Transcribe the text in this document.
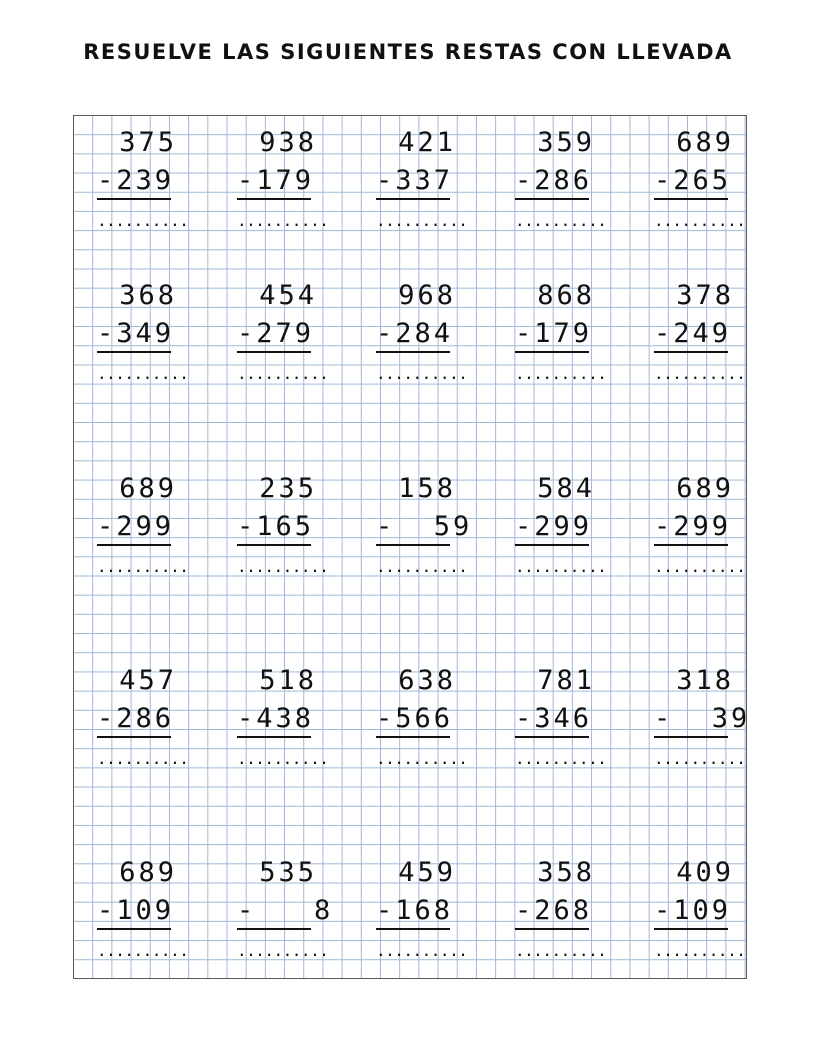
RESUELVE LAS SIGUIENTES RESTAS CON LLEVADA
375
-239
..........
938
-179
..........
421
-337
..........
359
-286
..........
689
-265
..........
368
-349
..........
454
-279
..........
968
-284
..........
868
-179
..........
378
-249
..........
689
-299
..........
235
-165
..........
158
-  59
..........
584
-299
..........
689
-299
..........
457
-286
..........
518
-438
..........
638
-566
..........
781
-346
..........
318
-  39
..........
689
-109
..........
535
-   8
..........
459
-168
..........
358
-268
..........
409
-109
..........
